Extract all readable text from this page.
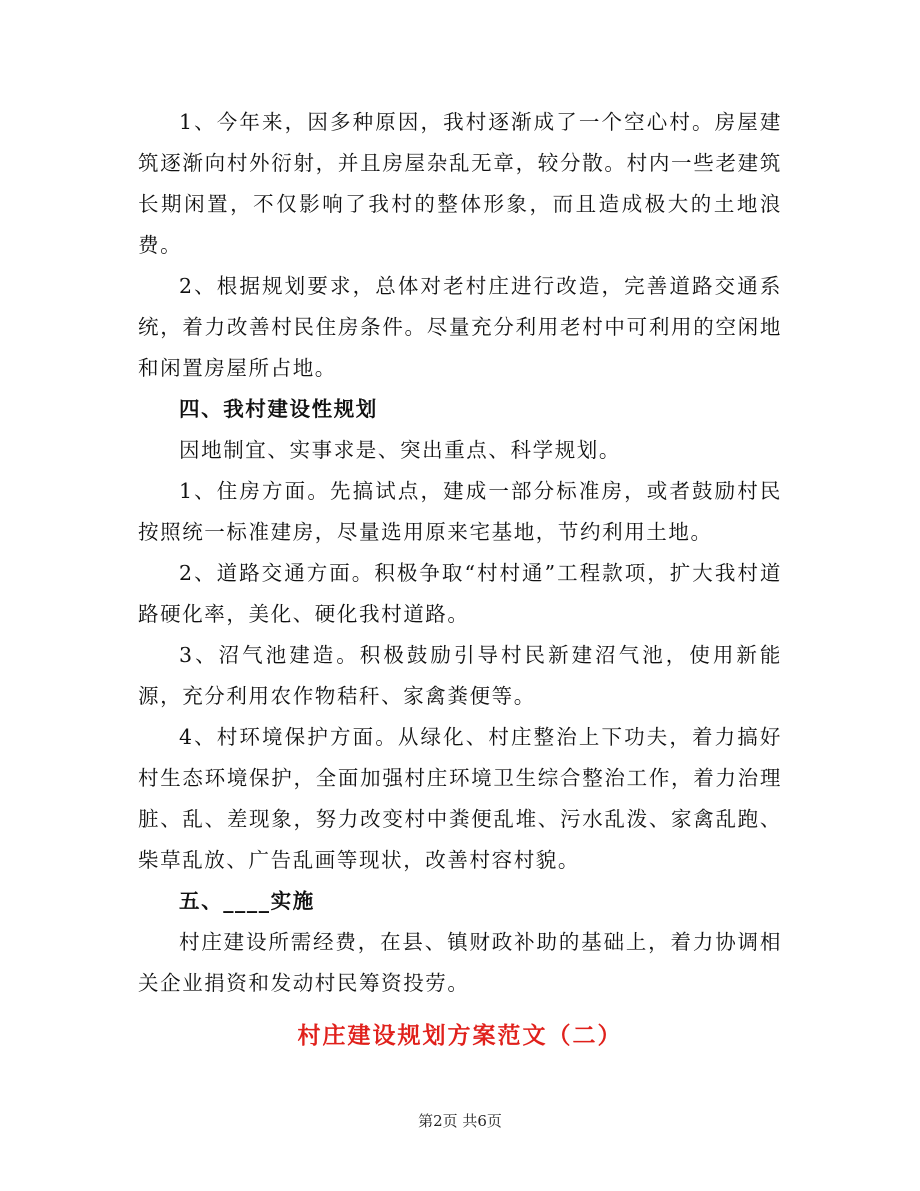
1、今年来，因多种原因，我村逐渐成了一个空心村。房屋建筑逐渐向村外衍射，并且房屋杂乱无章，较分散。村内一些老建筑长期闲置，不仅影响了我村的整体形象，而且造成极大的土地浪费。

2、根据规划要求，总体对老村庄进行改造，完善道路交通系统，着力改善村民住房条件。尽量充分利用老村中可利用的空闲地和闲置房屋所占地。

四、我村建设性规划

因地制宜、实事求是、突出重点、科学规划。

1、住房方面。先搞试点，建成一部分标准房，或者鼓励村民按照统一标准建房，尽量选用原来宅基地，节约利用土地。

2、道路交通方面。积极争取“村村通”工程款项，扩大我村道路硬化率，美化、硬化我村道路。

3、沼气池建造。积极鼓励引导村民新建沼气池，使用新能源，充分利用农作物秸秆、家禽粪便等。

4、村环境保护方面。从绿化、村庄整治上下功夫，着力搞好村生态环境保护，全面加强村庄环境卫生综合整治工作，着力治理脏、乱、差现象，努力改变村中粪便乱堆、污水乱泼、家禽乱跑、柴草乱放、广告乱画等现状，改善村容村貌。

五、____实施

村庄建设所需经费，在县、镇财政补助的基础上，着力协调相关企业捐资和发动村民筹资投劳。

村庄建设规划方案范文（二）
第2页 共6页
